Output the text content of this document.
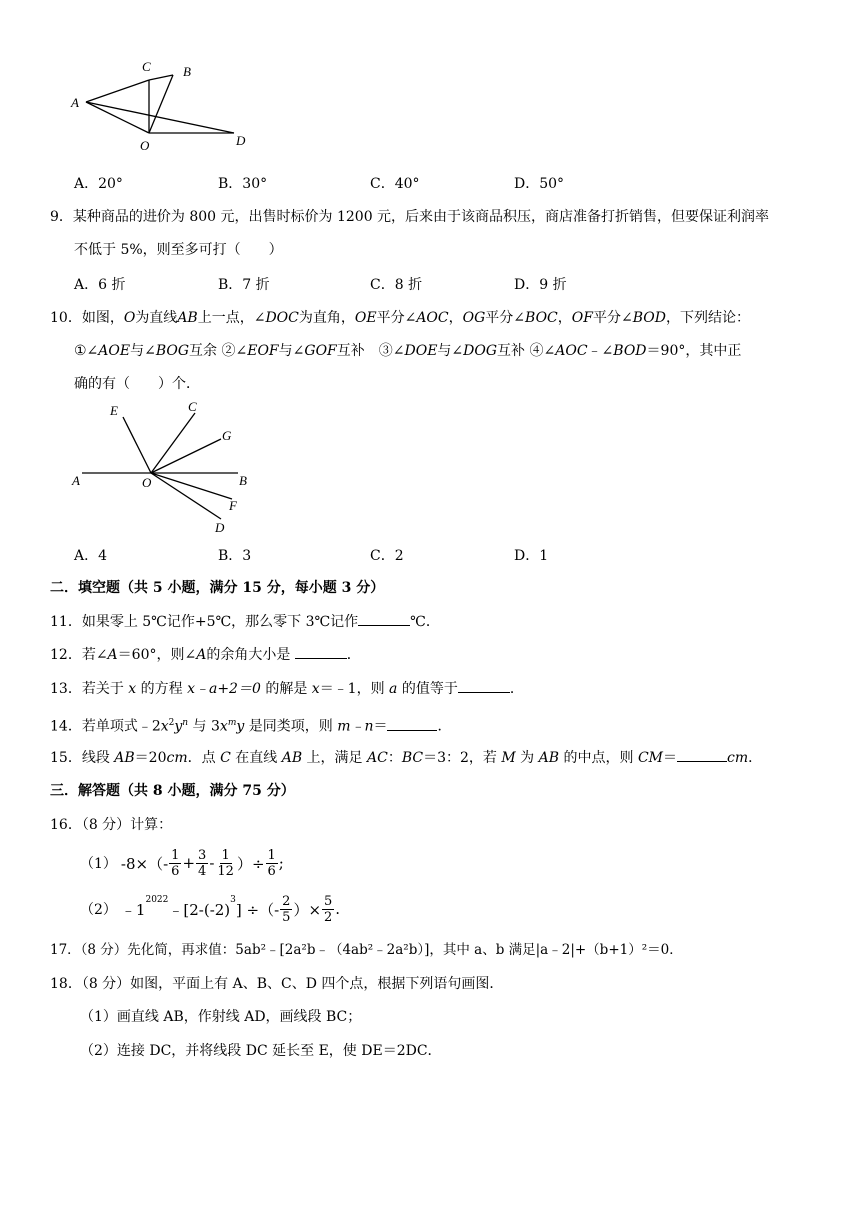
A
C B
O	D
A．20°	B．30°	C．40°	D．50°
9．某种商品的进价为 800 元，出售时标价为 1200 元，后来由于该商品积压，商店准备打折销售，但要保证利润率
不低于 5%，则至多可打（　　）
A．6 折	B．7 折	C．8 折	D．9 折
10．如图，O为直线AB上一点，∠DOC为直角，OE平分∠AOC，OG平分∠BOC，OF平分∠BOD，下列结论：
①∠AOE与∠BOG互余 ②∠EOF与∠GOF互补　③∠DOE与∠DOG互补 ④∠AOC﹣∠BOD＝90°，其中正
确的有（　　）个．
E	C
G
A	O	B
F
D
A．4	B．3	C．2	D．1
二．填空题（共 5 小题，满分 15 分，每小题 3 分）
11．如果零上 5℃记作+5℃，那么零下 3℃记作	℃．
12．若∠A＝60°，则∠A的余角大小是	．
13．若关于 x 的方程 x﹣a+2＝0 的解是 x＝﹣1，则 a 的值等于	．
14．若单项式$﹣2x^2y^n$ 与 $3x^my$ 是同类项，则 m﹣n＝	．
15．线段 AB＝20cm．点 C 在直线 AB 上，满足 AC：BC＝3：2，若 M 为 AB 的中点，则 CM＝	cm．
三．解答题（共 8 小题，满分 75 分）
16．（8 分）计算：
（1） $-8\times(- \frac{1}{6} + \frac{3}{4} - \frac{1}{12}$ ）÷ $\frac{1}{6}$ ;
（2） ﹣1
$^{2022}$
﹣[2-(-2)
$^3$
] ÷（- $\frac{2}{5}$ ）× $\frac{5}{2}$ .
17．（8 分）先化简，再求值：5ab²﹣[2a²b﹣（4ab²﹣2a²b）]，其中 a、b 满足|a﹣2|+（b+1）²＝0．
18．（8 分）如图，平面上有 A、B、C、D 四个点，根据下列语句画图．
（1）画直线 AB，作射线 AD，画线段 BC；
（2）连接 DC，并将线段 DC 延长至 E，使 DE＝2DC．
